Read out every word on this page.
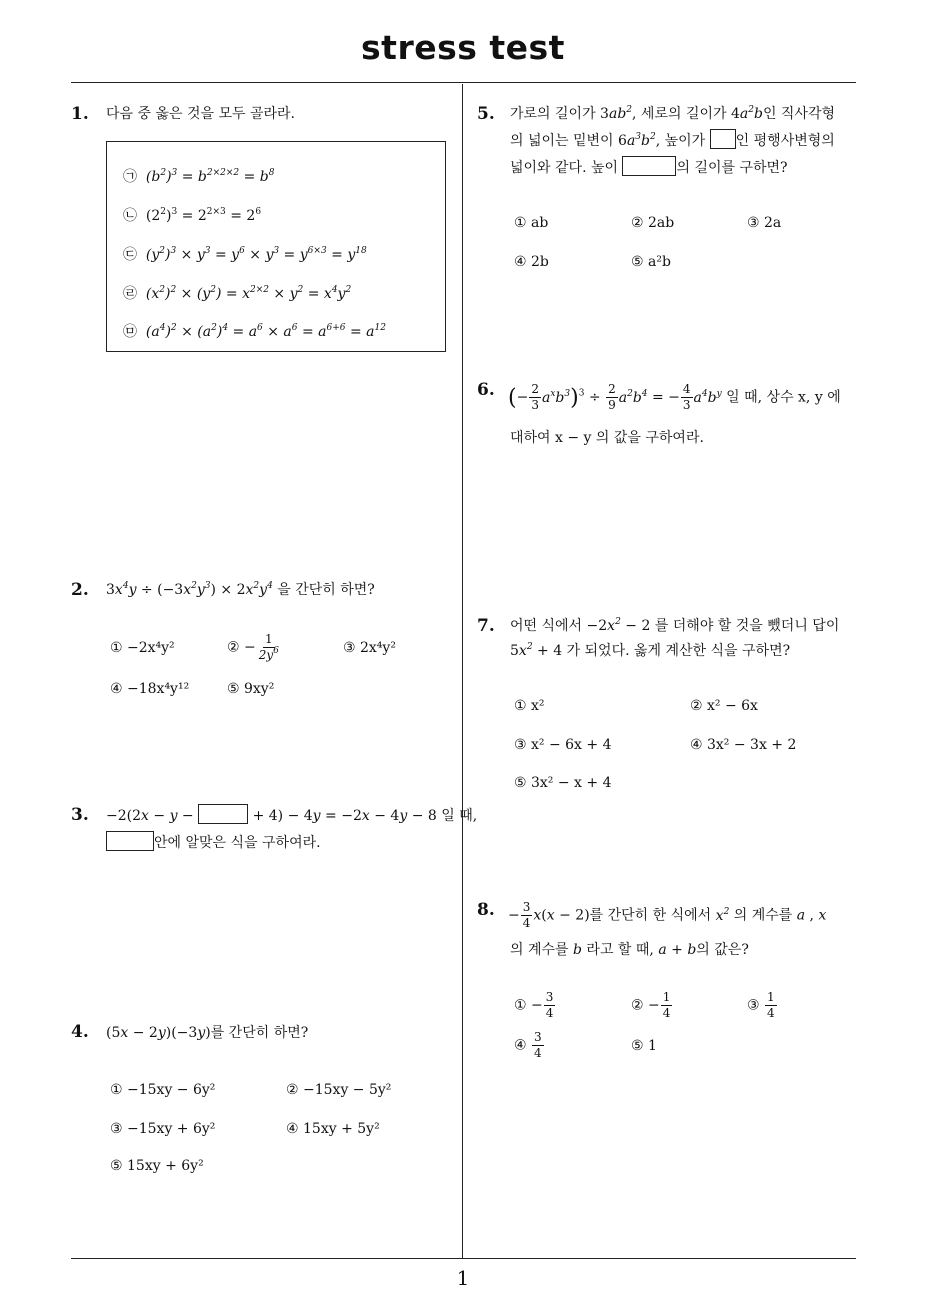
stress test
1
1. 다음 중 옳은 것을 모두 골라라.
㉠ $(b^2)^3 = b^{2\times 2\times 2} = b^8$
㉡  $(2^2)^3 = 2^{2\times 3} = 2^6$
㉢ $(y^2)^3 \times y^3 = y^6 \times y^3 = y^{6\times 3} = y^{18}$
㉣ $(x^2)^2 \times (y^2) = x^{2\times 2} \times y^2 = x^4y^2$
㉤ $(a^4)^2 \times (a^2)^4 = a^6 \times a^6 = a^{6+6} = a^{12}$
2. $3x^4y \div (-3x^2y^3) \times 2x^2y^4$ 을 간단히 하면?
① −2x⁴y²	② − $\frac{1}{2y^6}$	③ 2x⁴y²
④ −18x⁴y¹²	⑤ 9xy²
3. −2(2x − y −	+ 4) − 4y = −2x − 4y − 8 일 때,
안에 알맞은 식을 구하여라.
4. (5x − 2y)(−3y)를 간단히 하면?
① −15xy − 6y²	② −15xy − 5y²
③ −15xy + 6y²	④ 15xy + 5y²
⑤ 15xy + 6y²
5. 가로의 길이가 $3ab^2$, 세로의 길이가 $4a^2b$인 직사각형
의 넓이는 밑변이 $6a^3b^2$, 높이가 인 평행사변형의
넓이와 같다. 높이	의 길이를 구하면?
① ab	② 2ab	③ 2a
④ 2b	⑤ a²b
6. (− $\frac{2}{3} a^xb^3)^3 \div \frac{2}{9} a^2b^4$ = − $\frac{4}{3} a^4b^y$ 일 때, 상수 x, y 에
대하여 x − y 의 값을 구하여라.
7. 어떤 식에서 $-2x^2 - 2$ 를 더해야 할 것을 뺐더니 답이
$5x^2 + 4$ 가 되었다. 옳게 계산한 식을 구하면?
① x²	② x² − 6x
③ x² − 6x + 4	④ 3x² − 3x + 2
⑤ 3x² − x + 4
8. − $\frac{3}{4} x(x - 2)$를 간단히 한 식에서 $x^2$ 의 계수를 a , x
의 계수를 b 라고 할 때, a + b의 값은?
① − $\frac{3}{4}$	② − $\frac{1}{4}$	③ $\frac{1}{4}$
④ $\frac{3}{4}$	⑤ 1
